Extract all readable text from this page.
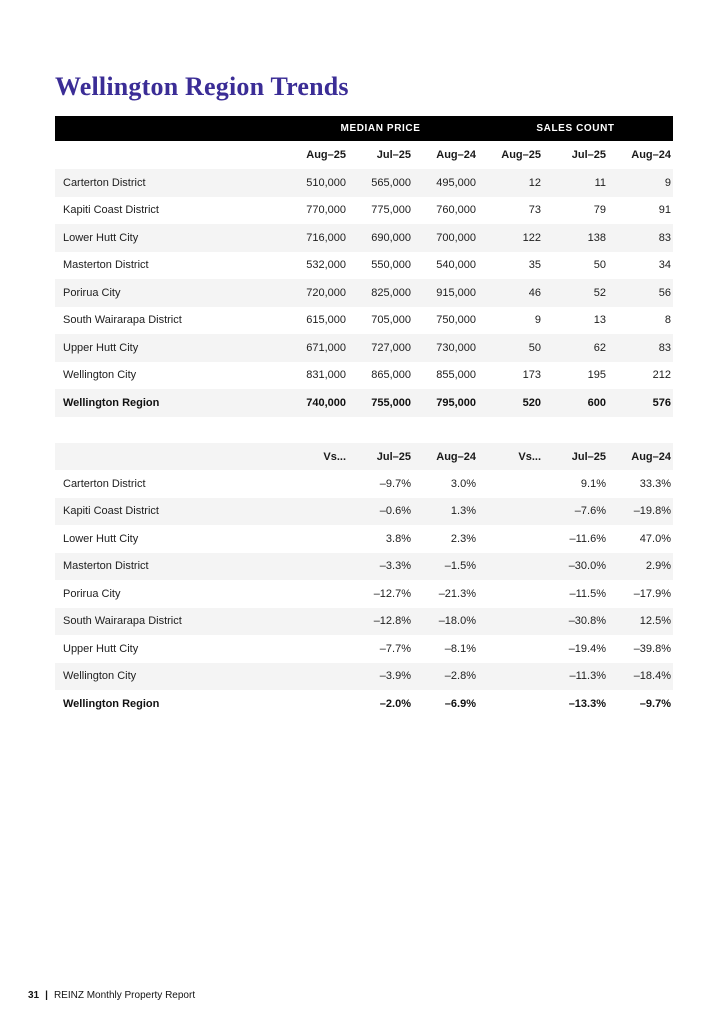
Wellington Region Trends
	MEDIAN PRICE			SALES COUNT		
	Aug–25	Jul–25	Aug–24	Aug–25	Jul–25	Aug–24
Carterton District	510,000	565,000	495,000	12	11	9
Kapiti Coast District	770,000	775,000	760,000	73	79	91
Lower Hutt City	716,000	690,000	700,000	122	138	83
Masterton District	532,000	550,000	540,000	35	50	34
Porirua City	720,000	825,000	915,000	46	52	56
South Wairarapa District	615,000	705,000	750,000	9	13	8
Upper Hutt City	671,000	727,000	730,000	50	62	83
Wellington City	831,000	865,000	855,000	173	195	212
Wellington Region	740,000	755,000	795,000	520	600	576
	Vs...	Jul–25	Aug–24	Vs...	Jul–25	Aug–24
Carterton District		–9.7%	3.0%		9.1%	33.3%
Kapiti Coast District		–0.6%	1.3%		–7.6%	–19.8%
Lower Hutt City		3.8%	2.3%		–11.6%	47.0%
Masterton District		–3.3%	–1.5%		–30.0%	2.9%
Porirua City		–12.7%	–21.3%		–11.5%	–17.9%
South Wairarapa District		–12.8%	–18.0%		–30.8%	12.5%
Upper Hutt City		–7.7%	–8.1%		–19.4%	–39.8%
Wellington City		–3.9%	–2.8%		–11.3%	–18.4%
Wellington Region		–2.0%	–6.9%		–13.3%	–9.7%
31 | REINZ Monthly Property Report
